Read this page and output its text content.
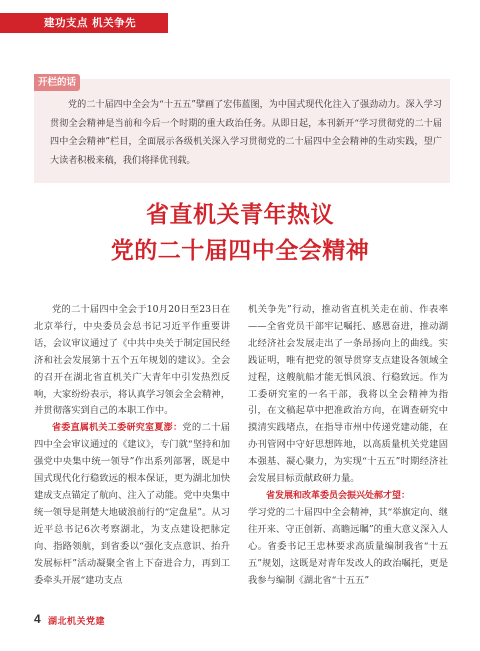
建功支点 机关争先
开栏的话
党的二十届四中全会为“十五五”擘画了宏伟蓝图，为中国式现代化注入了强劲动力。深入学习贯彻全会精神是当前和今后一个时期的重大政治任务。从即日起，本刊新开“学习贯彻党的二十届四中全会精神”栏目，全面展示各级机关深入学习贯彻党的二十届四中全会精神的生动实践，望广大读者积极来稿，我们将择优刊载。
省直机关青年热议
党的二十届四中全会精神

党的二十届四中全会于10月20日至23日在北京举行，中央委员会总书记习近平作重要讲话，会议审议通过了《中共中央关于制定国民经济和社会发展第十五个五年规划的建议》。全会的召开在湖北省直机关广大青年中引发热烈反响，大家纷纷表示，将认真学习领会全会精神，并贯彻落实到自己的本职工作中。

省委直属机关工委研究室夏澎：党的二十届四中全会审议通过的《建议》，专门就“坚持和加强党中央集中统一领导”作出系列部署，既是中国式现代化行稳致远的根本保证，更为湖北加快建成支点锚定了航向、注入了动能。党中央集中统一领导是荆楚大地破浪前行的“定盘星”。从习近平总书记6次考察湖北，为支点建设把脉定向、指路领航，到省委以“强化支点意识、抬升发展标杆”活动凝聚全省上下奋进合力，再到工委牵头开展“建功支点

机关争先”行动，推动省直机关走在前、作表率——全省党员干部牢记嘱托、感恩奋进，推动湖北经济社会发展走出了一条昂扬向上的曲线。实践证明，唯有把党的领导贯穿支点建设各领域全过程，这艘航船才能无惧风浪、行稳致远。作为工委研究室的一名干部，我将以全会精神为指引，在文稿起草中把准政治方向，在调查研究中摸清实践堵点，在指导市州中传递党建动能，在办刊管网中守好思想阵地，以高质量机关党建固本强基、凝心聚力，为实现“十五五”时期经济社会发展目标贡献政研力量。

省发展和改革委员会振兴处郝才望：

学习党的二十届四中全会精神，其“举旗定向、继往开来、守正创新、高瞻远瞩”的重大意义深入人心。省委书记王忠林要求高质量编制我省“十五五”规划，这既是对青年发改人的政治嘱托，更是我参与编制《湖北省“十五五”

4 湖北机关党建
